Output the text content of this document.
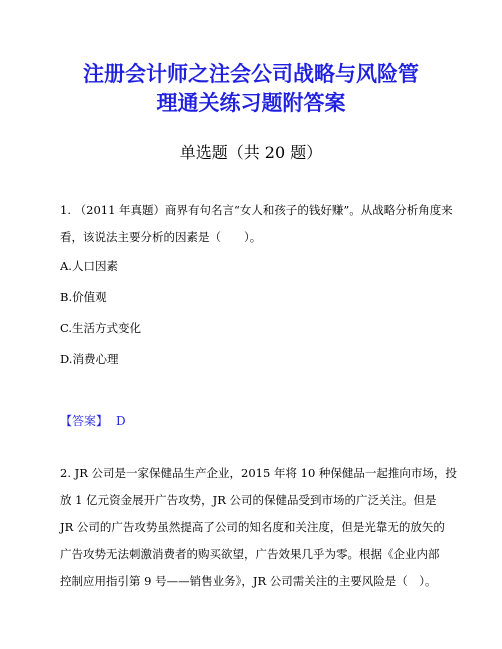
注册会计师之注会公司战略与风险管
理通关练习题附答案
单选题（共 20 题）
1. （2011 年真题）商界有句名言“女人和孩子的钱好赚”。从战略分析角度来
看，该说法主要分析的因素是（　　）。
A.人口因素
B.价值观
C.生活方式变化
D.消费心理
【答案】 D
2. JR 公司是一家保健品生产企业，2015 年将 10 种保健品一起推向市场，投
放 1 亿元资金展开广告攻势，JR 公司的保健品受到市场的广泛关注。但是
JR 公司的广告攻势虽然提高了公司的知名度和关注度，但是光靠无的放矢的
广告攻势无法刺激消费者的购买欲望，广告效果几乎为零。根据《企业内部
控制应用指引第 9 号——销售业务》，JR 公司需关注的主要风险是（　）。
